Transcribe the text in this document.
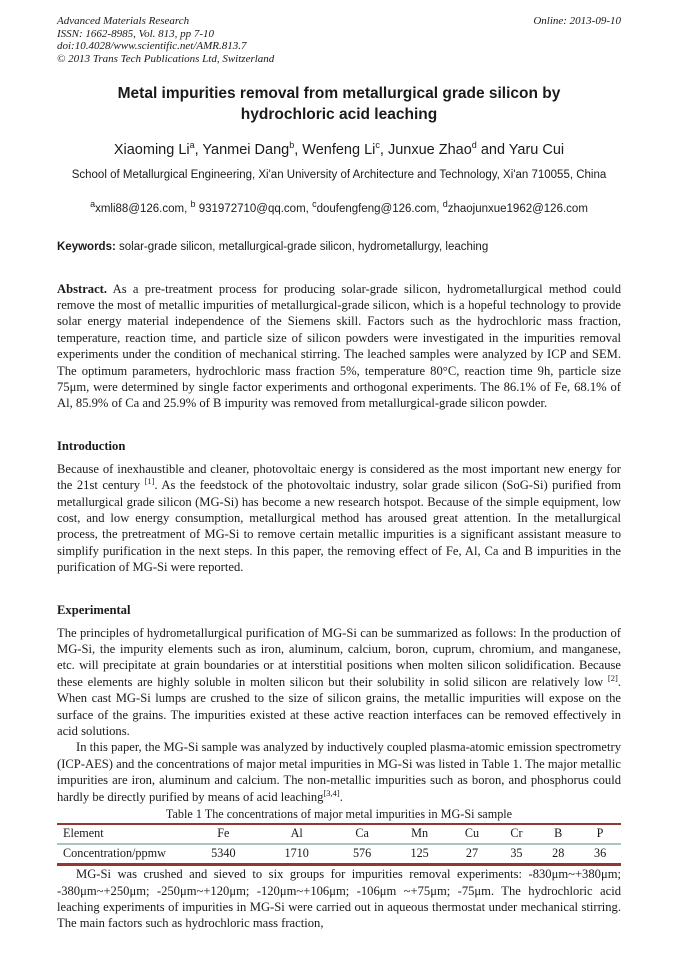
Advanced Materials Research
ISSN: 1662-8985, Vol. 813, pp 7-10
doi:10.4028/www.scientific.net/AMR.813.7
© 2013 Trans Tech Publications Ltd, Switzerland
Online: 2013-09-10
Metal impurities removal from metallurgical grade silicon by hydrochloric acid leaching
Xiaoming Li$^a$, Yanmei Dang$^b$, Wenfeng Li$^c$, Junxue Zhao$^d$ and Yaru Cui
School of Metallurgical Engineering, Xi'an University of Architecture and Technology, Xi'an 710055, China
$^a$xmli88@126.com, $^b$ 931972710@qq.com, $^c$doufengfeng@126.com, $^d$zhaojunxue1962@126.com
Keywords: solar-grade silicon, metallurgical-grade silicon, hydrometallurgy, leaching

Abstract. As a pre-treatment process for producing solar-grade silicon, hydrometallurgical method could remove the most of metallic impurities of metallurgical-grade silicon, which is a hopeful technology to provide solar energy material independence of the Siemens skill. Factors such as the hydrochloric mass fraction, temperature, reaction time, and particle size of silicon powders were investigated in the impurities removal experiments under the condition of mechanical stirring. The leached samples were analyzed by ICP and SEM. The optimum parameters, hydrochloric mass fraction 5%, temperature 80°C, reaction time 9h, particle size 75μm, were determined by single factor experiments and orthogonal experiments. The 86.1% of Fe, 68.1% of Al, 85.9% of Ca and 25.9% of B impurity was removed from metallurgical-grade silicon powder.

Introduction

Because of inexhaustible and cleaner, photovoltaic energy is considered as the most important new energy for the 21st century [1]. As the feedstock of the photovoltaic industry, solar grade silicon (SoG-Si) purified from metallurgical grade silicon (MG-Si) has become a new research hotspot. Because of the simple equipment, low cost, and low energy consumption, metallurgical method has aroused great attention. In the metallurgical process, the pretreatment of MG-Si to remove certain metallic impurities is a significant assistant measure to simplify purification in the next steps. In this paper, the removing effect of Fe, Al, Ca and B impurities in the purification of MG-Si were reported.

Experimental

The principles of hydrometallurgical purification of MG-Si can be summarized as follows: In the production of MG-Si, the impurity elements such as iron, aluminum, calcium, boron, cuprum, chromium, and manganese, etc. will precipitate at grain boundaries or at interstitial positions when molten silicon solidification. Because these elements are highly soluble in molten silicon but their solubility in solid silicon are relatively low [2]. When cast MG-Si lumps are crushed to the size of silicon grains, the metallic impurities will expose on the surface of the grains. The impurities existed at these active reaction interfaces can be removed effectively in acid solutions.

In this paper, the MG-Si sample was analyzed by inductively coupled plasma-atomic emission spectrometry (ICP-AES) and the concentrations of major metal impurities in MG-Si was listed in Table 1. The major metallic impurities are iron, aluminum and calcium. The non-metallic impurities such as boron, and phosphorus could hardly be directly purified by means of acid leaching[3,4].

Table 1 The concentrations of major metal impurities in MG-Si sample
Element	Fe	Al	Ca	Mn	Cu	Cr	B	P
Concentration/ppmw	5340	1710	576	125	27	35	28	36

MG-Si was crushed and sieved to six groups for impurities removal experiments: -830μm~+380μm; -380μm~+250μm; -250μm~+120μm; -120μm~+106μm; -106μm ~+75μm; -75μm. The hydrochloric acid leaching experiments of impurities in MG-Si were carried out in aqueous thermostat under mechanical stirring. The main factors such as hydrochloric mass fraction,
